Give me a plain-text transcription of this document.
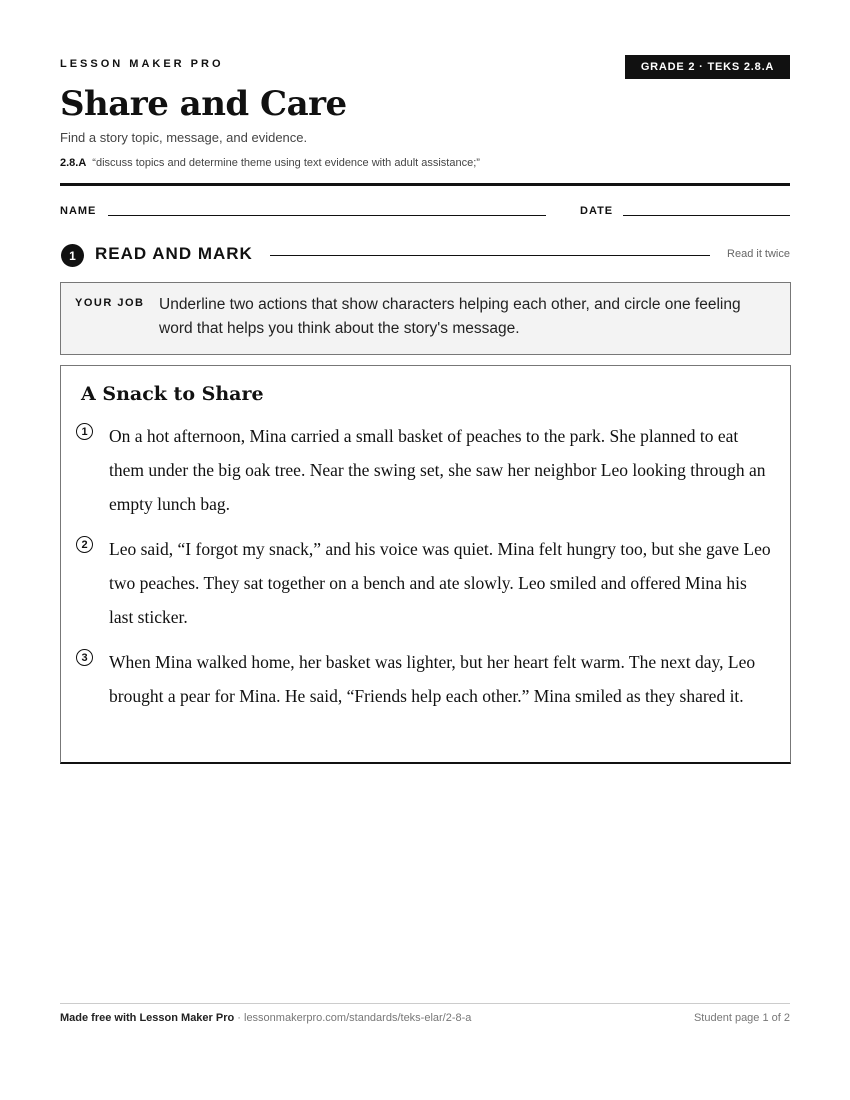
LESSON MAKER PRO	GRADE 2 · TEKS 2.8.A
Share and Care
Find a story topic, message, and evidence.
2.8.A “discuss topics and determine theme using text evidence with adult assistance;”
NAME	DATE
1	READ AND MARK	Read it twice
YOUR JOB Underline two actions that show characters helping each other, and circle one feeling word that helps you think about the story's message.
A Snack to Share
1	On a hot afternoon, Mina carried a small basket of peaches to the park. She planned to eat them under the big oak tree. Near the swing set, she saw her neighbor Leo looking through an empty lunch bag.
2	Leo said, “I forgot my snack,” and his voice was quiet. Mina felt hungry too, but she gave Leo two peaches. They sat together on a bench and ate slowly. Leo smiled and offered Mina his last sticker.
3	When Mina walked home, her basket was lighter, but her heart felt warm. The next day, Leo brought a pear for Mina. He said, “Friends help each other.” Mina smiled as they shared it.
Made free with Lesson Maker Pro · lessonmakerpro.com/standards/teks-elar/2-8-a	Student page 1 of 2
